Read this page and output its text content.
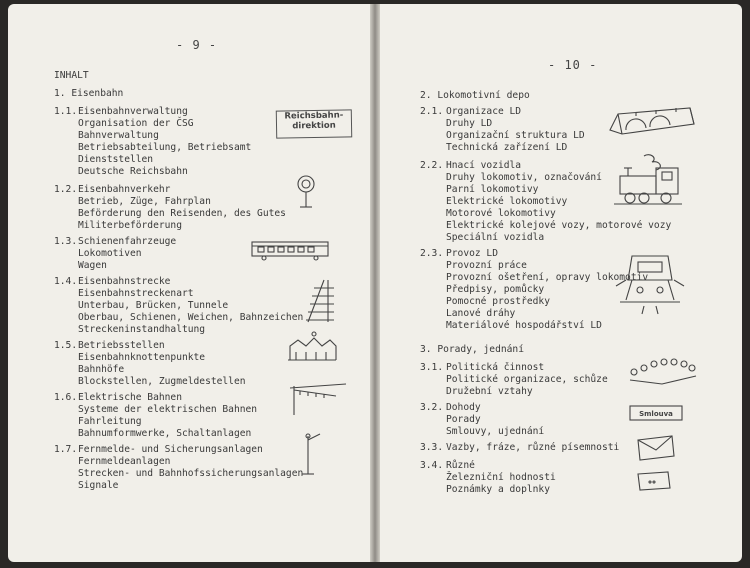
- 9 -
INHALT
1. Eisenbahn
1.1. Eisenbahnverwaltung
Organisation der ČSG
Bahnverwaltung
Betriebsabteilung, Betriebsamt
Dienststellen
Deutsche Reichsbahn
1.2. Eisenbahnverkehr
Betrieb, Züge, Fahrplan
Beförderung den Reisenden, des Gutes
Militerbeförderung
1.3. Schienenfahrzeuge
Lokomotiven
Wagen
1.4. Eisenbahnstrecke
Eisenbahnstreckenart
Unterbau, Brücken, Tunnele
Oberbau, Schienen, Weichen, Bahnzeichen
Streckeninstandhaltung
1.5. Betriebsstellen
Eisenbahnknottenpunkte
Bahnhöfe
Blockstellen, Zugmeldestellen
1.6. Elektrische Bahnen
Systeme der elektrischen Bahnen
Fahrleitung
Bahnumformwerke, Schaltanlagen
1.7. Fernmelde- und Sicherungsanlagen
Fernmeldeanlagen
Strecken- und Bahnhofssicherungsanlagen
Signale
Reichsbahn-
direktion
- 10 -
2. Lokomotivní depo
2.1. Organizace LD
Druhy LD
Organizační struktura LD
Technická zařízení LD
2.2. Hnací vozidla
Druhy lokomotiv, označování
Parní lokomotivy
Elektrické lokomotivy
Motorové lokomotivy
Elektrické kolejové vozy, motorové vozy
Speciální vozidla
2.3. Provoz LD
Provozní práce
Provozní ošetření, opravy lokomotiv
Předpisy, pomůcky
Pomocné prostředky
Lanové dráhy
Materiálové hospodářství LD
3. Porady, jednání
3.1. Politická činnost
Politické organizace, schůze
Družební vztahy
3.2. Dohody
Porady
Smlouvy, ujednání
3.3. Vazby, fráze, různé písemnosti
3.4. Různé
Železniční hodnosti
Poznámky a doplnky
Smlouva
